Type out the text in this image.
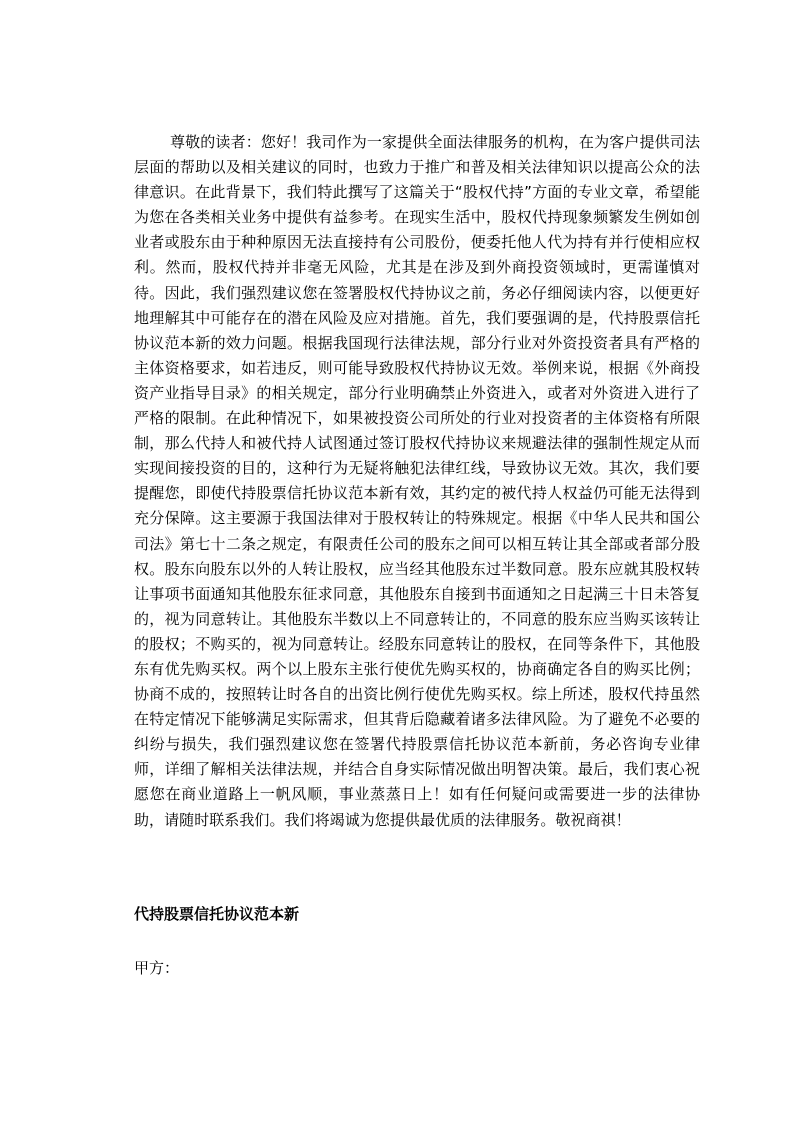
尊敬的读者：您好！我司作为一家提供全面法律服务的机构，在为客户提供司法层面的帮助以及相关建议的同时，也致力于推广和普及相关法律知识以提高公众的法律意识。在此背景下，我们特此撰写了这篇关于“股权代持”方面的专业文章，希望能为您在各类相关业务中提供有益参考。在现实生活中，股权代持现象频繁发生例如创业者或股东由于种种原因无法直接持有公司股份，便委托他人代为持有并行使相应权利。然而，股权代持并非毫无风险，尤其是在涉及到外商投资领域时，更需谨慎对待。因此，我们强烈建议您在签署股权代持协议之前，务必仔细阅读内容，以便更好地理解其中可能存在的潜在风险及应对措施。首先，我们要强调的是，代持股票信托协议范本新的效力问题。根据我国现行法律法规，部分行业对外资投资者具有严格的主体资格要求，如若违反，则可能导致股权代持协议无效。举例来说，根据《外商投资产业指导目录》的相关规定，部分行业明确禁止外资进入，或者对外资进入进行了严格的限制。在此种情况下，如果被投资公司所处的行业对投资者的主体资格有所限制，那么代持人和被代持人试图通过签订股权代持协议来规避法律的强制性规定从而实现间接投资的目的，这种行为无疑将触犯法律红线，导致协议无效。其次，我们要提醒您，即使代持股票信托协议范本新有效，其约定的被代持人权益仍可能无法得到充分保障。这主要源于我国法律对于股权转让的特殊规定。根据《中华人民共和国公司法》第七十二条之规定，有限责任公司的股东之间可以相互转让其全部或者部分股权。股东向股东以外的人转让股权，应当经其他股东过半数同意。股东应就其股权转让事项书面通知其他股东征求同意，其他股东自接到书面通知之日起满三十日未答复的，视为同意转让。其他股东半数以上不同意转让的，不同意的股东应当购买该转让的股权；不购买的，视为同意转让。经股东同意转让的股权，在同等条件下，其他股东有优先购买权。两个以上股东主张行使优先购买权的，协商确定各自的购买比例；协商不成的，按照转让时各自的出资比例行使优先购买权。综上所述，股权代持虽然在特定情况下能够满足实际需求，但其背后隐藏着诸多法律风险。为了避免不必要的纠纷与损失，我们强烈建议您在签署代持股票信托协议范本新前，务必咨询专业律师，详细了解相关法律法规，并结合自身实际情况做出明智决策。最后，我们衷心祝愿您在商业道路上一帆风顺，事业蒸蒸日上！如有任何疑问或需要进一步的法律协助，请随时联系我们。我们将竭诚为您提供最优质的法律服务。敬祝商祺！

代持股票信托协议范本新

甲方：
